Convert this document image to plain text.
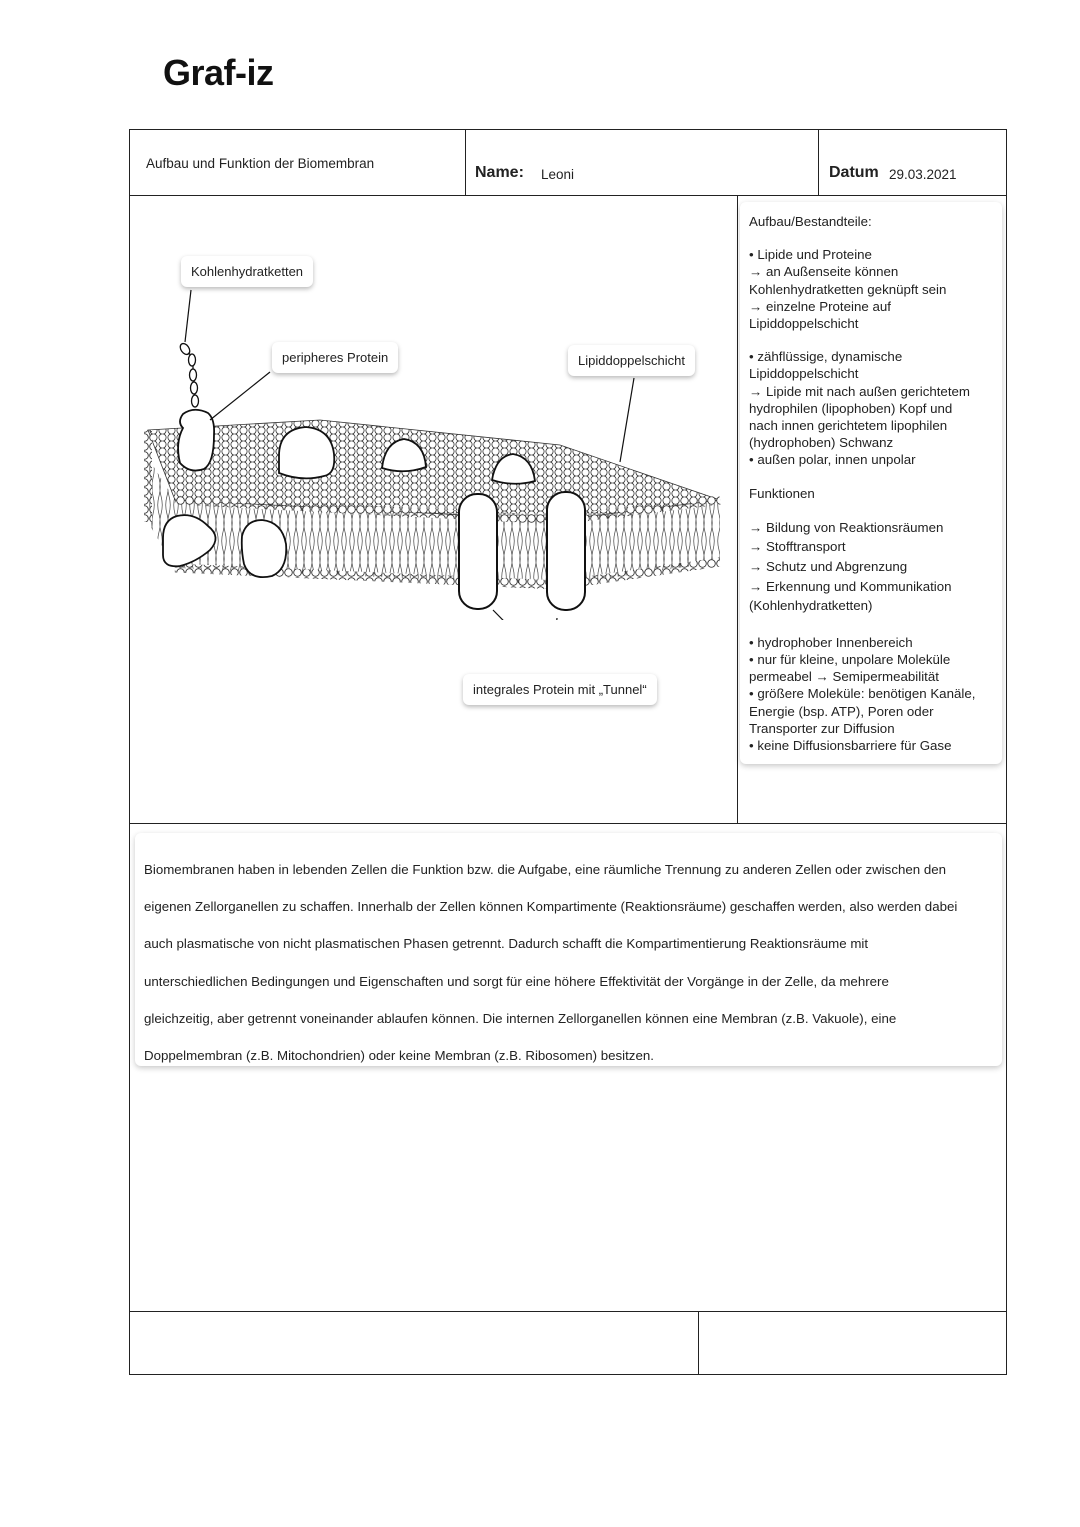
Graf-iz
Aufbau und Funktion der Biomembran
Name: Leoni	Datum 29.03.2021
Kohlenhydratketten
peripheres Protein	Lipiddoppelschicht
integrales Protein mit „Tunnel“

Aufbau/Bestandteile:

• Lipide und Proteine

→ an Außenseite können

Kohlenhydratketten geknüpft sein

→ einzelne Proteine auf

Lipiddoppelschicht

• zähflüssige, dynamische

Lipiddoppelschicht

→ Lipide mit nach außen gerichtetem

hydrophilen (lipophoben) Kopf und

nach innen gerichtetem lipophilen

(hydrophoben) Schwanz

• außen polar, innen unpolar

Funktionen

→ Bildung von Reaktionsräumen

→ Stofftransport

→ Schutz und Abgrenzung

→ Erkennung und Kommunikation

(Kohlenhydratketten)

• hydrophober Innenbereich

• nur für kleine, unpolare Moleküle

permeabel → Semipermeabilität

• größere Moleküle: benötigen Kanäle,

Energie (bsp. ATP), Poren oder

Transporter zur Diffusion

• keine Diffusionsbarriere für Gase

Biomembranen haben in lebenden Zellen die Funktion bzw. die Aufgabe, eine räumliche Trennung zu anderen Zellen oder zwischen den

eigenen Zellorganellen zu schaffen. Innerhalb der Zellen können Kompartimente (Reaktionsräume) geschaffen werden, also werden dabei

auch plasmatische von nicht plasmatischen Phasen getrennt. Dadurch schafft die Kompartimentierung Reaktionsräume mit

unterschiedlichen Bedingungen und Eigenschaften und sorgt für eine höhere Effektivität der Vorgänge in der Zelle, da mehrere

gleichzeitig, aber getrennt voneinander ablaufen können. Die internen Zellorganellen können eine Membran (z.B. Vakuole), eine

Doppelmembran (z.B. Mitochondrien) oder keine Membran (z.B. Ribosomen) besitzen.
